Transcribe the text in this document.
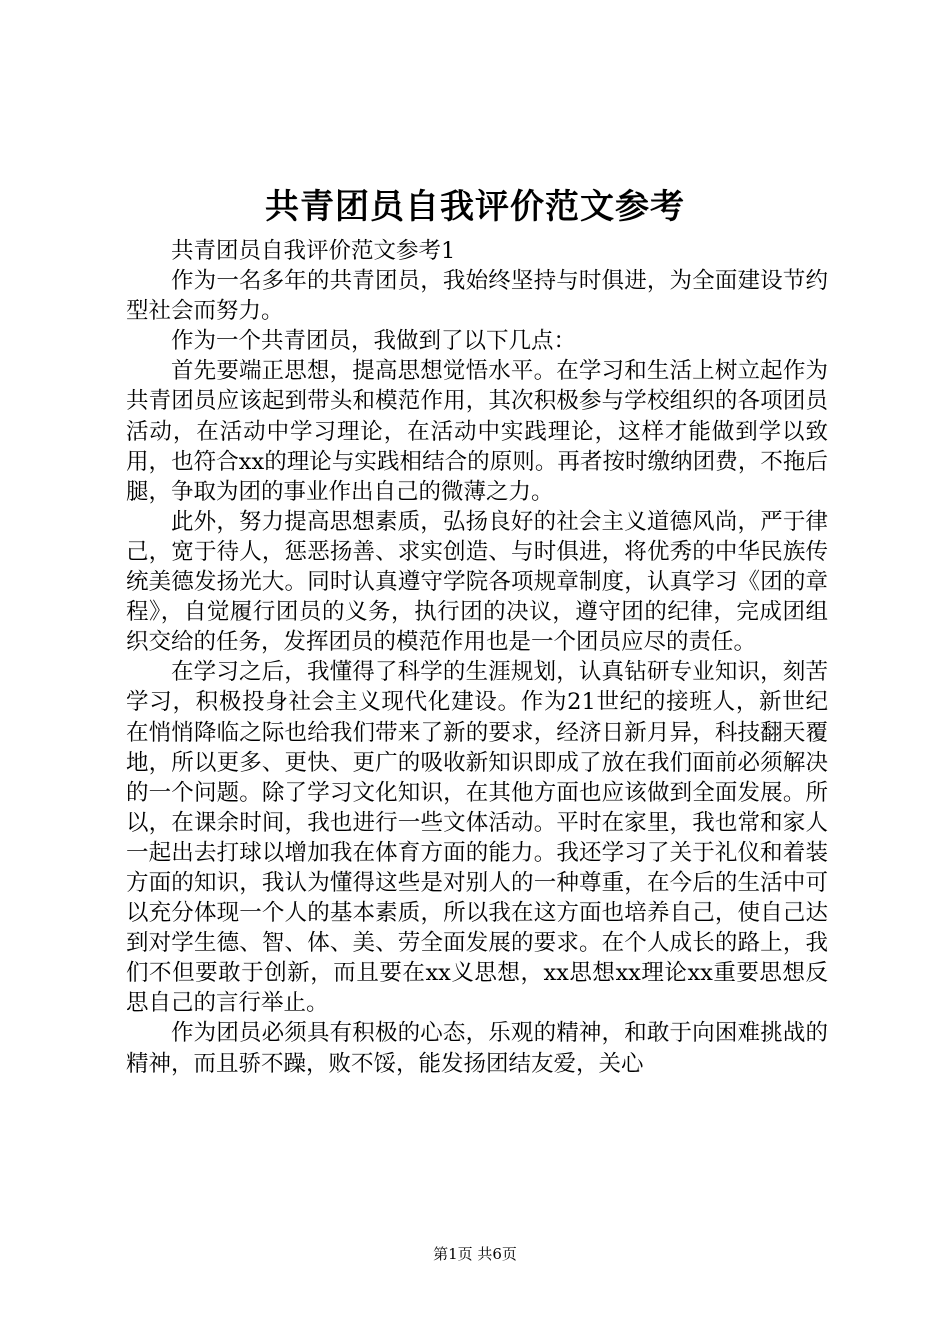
共青团员自我评价范文参考

共青团员自我评价范文参考1

作为一名多年的共青团员，我始终坚持与时俱进，为全面建设节约型社会而努力。

作为一个共青团员，我做到了以下几点：

首先要端正思想，提高思想觉悟水平。在学习和生活上树立起作为共青团员应该起到带头和模范作用，其次积极参与学校组织的各项团员活动，在活动中学习理论，在活动中实践理论，这样才能做到学以致用，也符合xx的理论与实践相结合的原则。再者按时缴纳团费，不拖后腿，争取为团的事业作出自己的微薄之力。

此外，努力提高思想素质，弘扬良好的社会主义道德风尚，严于律己，宽于待人，惩恶扬善、求实创造、与时俱进，将优秀的中华民族传统美德发扬光大。同时认真遵守学院各项规章制度，认真学习《团的章程》，自觉履行团员的义务，执行团的决议，遵守团的纪律，完成团组织交给的任务，发挥团员的模范作用也是一个团员应尽的责任。

在学习之后，我懂得了科学的生涯规划，认真钻研专业知识，刻苦学习，积极投身社会主义现代化建设。作为21世纪的接班人，新世纪在悄悄降临之际也给我们带来了新的要求，经济日新月异，科技翻天覆地，所以更多、更快、更广的吸收新知识即成了放在我们面前必须解决的一个问题。除了学习文化知识，在其他方面也应该做到全面发展。所以，在课余时间，我也进行一些文体活动。平时在家里，我也常和家人一起出去打球以增加我在体育方面的能力。我还学习了关于礼仪和着装方面的知识，我认为懂得这些是对别人的一种尊重，在今后的生活中可以充分体现一个人的基本素质，所以我在这方面也培养自己，使自己达到对学生德、智、体、美、劳全面发展的要求。在个人成长的路上，我们不但要敢于创新，而且要在xx义思想，xx思想xx理论xx重要思想反思自己的言行举止。

作为团员必须具有积极的心态，乐观的精神，和敢于向困难挑战的精神，而且骄不躁，败不馁，能发扬团结友爱，关心

第1页 共6页
